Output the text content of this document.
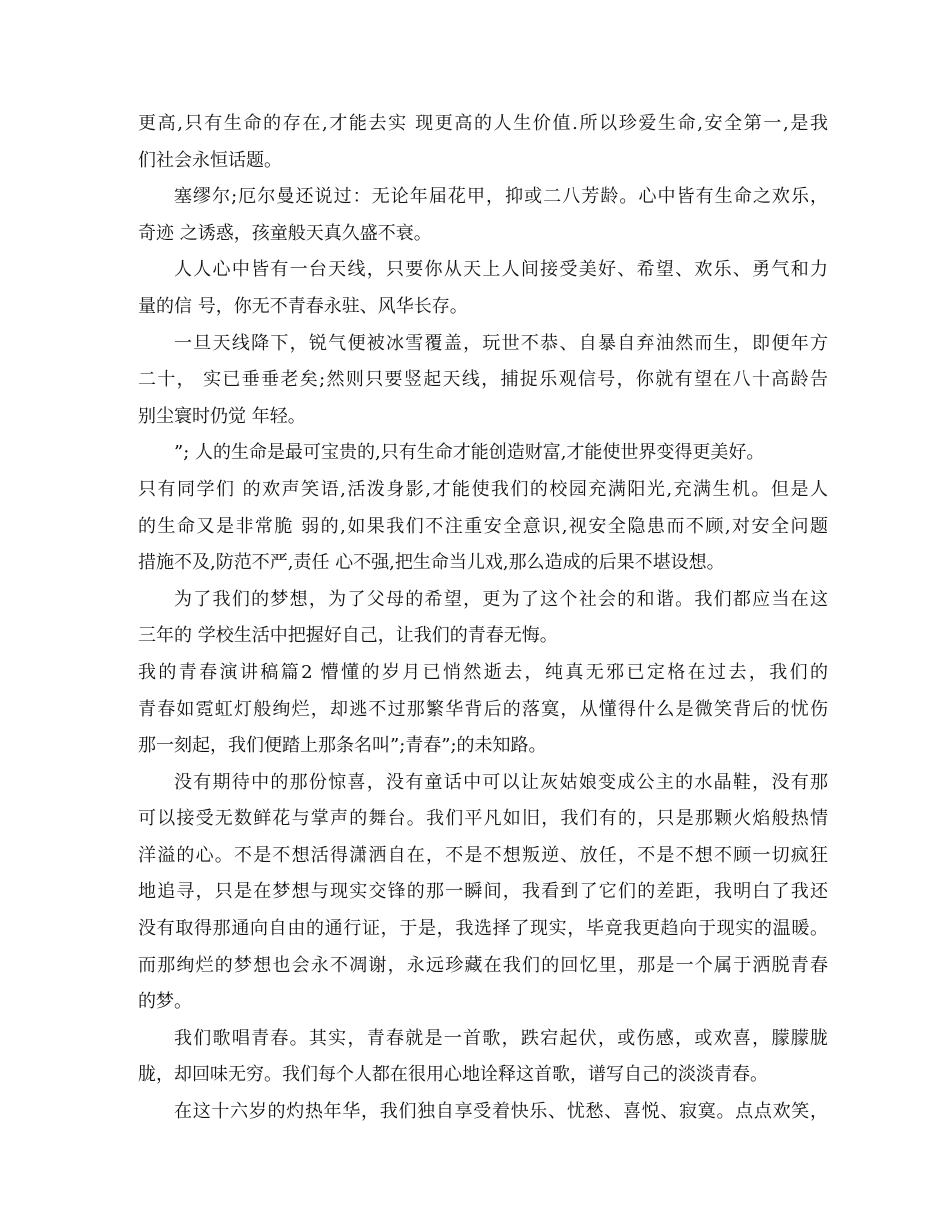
更高,只有生命的存在,才能去实 现更高的人生价值.所以珍爱生命,安全第一,是我
们社会永恒话题。
塞缪尔;厄尔曼还说过：无论年届花甲，抑或二八芳龄。心中皆有生命之欢乐，
奇迹 之诱惑，孩童般天真久盛不衰。
人人心中皆有一台天线，只要你从天上人间接受美好、希望、欢乐、勇气和力
量的信 号，你无不青春永驻、风华长存。
一旦天线降下，锐气便被冰雪覆盖，玩世不恭、自暴自弃油然而生，即便年方
二十， 实已垂垂老矣;然则只要竖起天线，捕捉乐观信号，你就有望在八十高龄告
别尘寰时仍觉 年轻。
”; 人的生命是最可宝贵的,只有生命才能创造财富,才能使世界变得更美好。
只有同学们 的欢声笑语,活泼身影,才能使我们的校园充满阳光,充满生机。但是人
的生命又是非常脆 弱的,如果我们不注重安全意识,视安全隐患而不顾,对安全问题
措施不及,防范不严,责任 心不强,把生命当儿戏,那么造成的后果不堪设想。
为了我们的梦想，为了父母的希望，更为了这个社会的和谐。我们都应当在这
三年的 学校生活中把握好自己，让我们的青春无悔。
我的青春演讲稿篇2 懵懂的岁月已悄然逝去，纯真无邪已定格在过去，我们的
青春如霓虹灯般绚烂，却逃不过那繁华背后的落寞，从懂得什么是微笑背后的忧伤
那一刻起，我们便踏上那条名叫”;青春”;的未知路。
没有期待中的那份惊喜，没有童话中可以让灰姑娘变成公主的水晶鞋，没有那
可以接受无数鲜花与掌声的舞台。我们平凡如旧，我们有的，只是那颗火焰般热情
洋溢的心。不是不想活得潇洒自在，不是不想叛逆、放任，不是不想不顾一切疯狂
地追寻，只是在梦想与现实交锋的那一瞬间，我看到了它们的差距，我明白了我还
没有取得那通向自由的通行证，于是，我选择了现实，毕竟我更趋向于现实的温暖。
而那绚烂的梦想也会永不凋谢，永远珍藏在我们的回忆里，那是一个属于洒脱青春
的梦。
我们歌唱青春。其实，青春就是一首歌，跌宕起伏，或伤感，或欢喜，朦朦胧
胧，却回味无穷。我们每个人都在很用心地诠释这首歌，谱写自己的淡淡青春。
在这十六岁的灼热年华，我们独自享受着快乐、忧愁、喜悦、寂寞。点点欢笑，
